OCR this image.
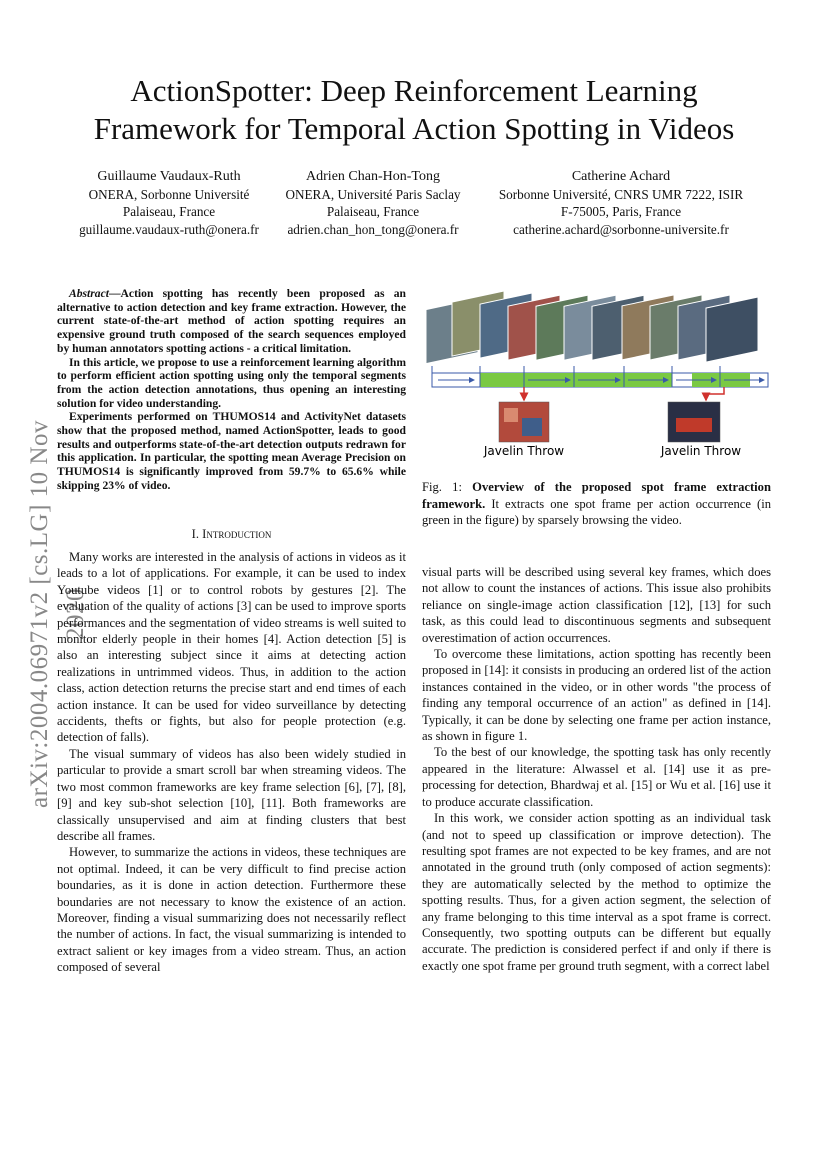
ActionSpotter: Deep Reinforcement Learning
Framework for Temporal Action Spotting in Videos
Guillaume Vaudaux-Ruth
ONERA, Sorbonne Université
Palaiseau, France
guillaume.vaudaux-ruth@onera.fr
Adrien Chan-Hon-Tong
ONERA, Université Paris Saclay
Palaiseau, France
adrien.chan_hon_tong@onera.fr
Catherine Achard
Sorbonne Université, CNRS UMR 7222, ISIR
F-75005, Paris, France
catherine.achard@sorbonne-universite.fr
arXiv:2004.06971v2 [cs.LG] 10 Nov 2020

Abstract—Action spotting has recently been proposed as an alternative to action detection and key frame extraction. However, the current state-of-the-art method of action spotting requires an expensive ground truth composed of the search sequences employed by human annotators spotting actions - a critical limitation.

In this article, we propose to use a reinforcement learning algorithm to perform efficient action spotting using only the temporal segments from the action detection annotations, thus opening an interesting solution for video understanding.

Experiments performed on THUMOS14 and ActivityNet datasets show that the proposed method, named ActionSpotter, leads to good results and outperforms state-of-the-art detection outputs redrawn for this application. In particular, the spotting mean Average Precision on THUMOS14 is significantly improved from 59.7% to 65.6% while skipping 23% of video.

I. Introduction

Many works are interested in the analysis of actions in videos as it leads to a lot of applications. For example, it can be used to index Youtube videos [1] or to control robots by gestures [2]. The evaluation of the quality of actions [3] can be used to improve sports performances and the segmentation of video streams is well suited to monitor elderly people in their homes [4]. Action detection [5] is also an interesting subject since it aims at detecting action realizations in untrimmed videos. Thus, in addition to the action class, action detection returns the precise start and end times of each action instance. It can be used for video surveillance by detecting accidents, thefts or fights, but also for people protection (e.g. detection of falls).

The visual summary of videos has also been widely studied in particular to provide a smart scroll bar when streaming videos. The two most common frameworks are key frame selection [6], [7], [8], [9] and key sub-shot selection [10], [11]. Both frameworks are classically unsupervised and aim at finding clusters that best describe all frames.

However, to summarize the actions in videos, these techniques are not optimal. Indeed, it can be very difficult to find precise action boundaries, as it is done in action detection. Furthermore these boundaries are not necessary to know the existence of an action. Moreover, finding a visual summarizing does not necessarily reflect the number of actions. In fact, the visual summarizing is intended to extract salient or key images from a video stream. Thus, an action composed of several

Javelin Throw	Javelin Throw
Fig. 1: Overview of the proposed spot frame extraction framework. It extracts one spot frame per action occurrence (in green in the figure) by sparsely browsing the video.

visual parts will be described using several key frames, which does not allow to count the instances of actions. This issue also prohibits reliance on single-image action classification [12], [13] for such task, as this could lead to discontinuous segments and subsequent overestimation of action occurrences.

To overcome these limitations, action spotting has recently been proposed in [14]: it consists in producing an ordered list of the action instances contained in the video, or in other words "the process of finding any temporal occurrence of an action" as defined in [14]. Typically, it can be done by selecting one frame per action instance, as shown in figure 1.

To the best of our knowledge, the spotting task has only recently appeared in the literature: Alwassel et al. [14] use it as pre-processing for detection, Bhardwaj et al. [15] or Wu et al. [16] use it to produce accurate classification.

In this work, we consider action spotting as an individual task (and not to speed up classification or improve detection). The resulting spot frames are not expected to be key frames, and are not annotated in the ground truth (only composed of action segments): they are automatically selected by the method to optimize the spotting results. Thus, for a given action segment, the selection of any frame belonging to this time interval as a spot frame is correct. Consequently, two spotting outputs can be different but equally accurate. The prediction is considered perfect if and only if there is exactly one spot frame per ground truth segment, with a correct label
